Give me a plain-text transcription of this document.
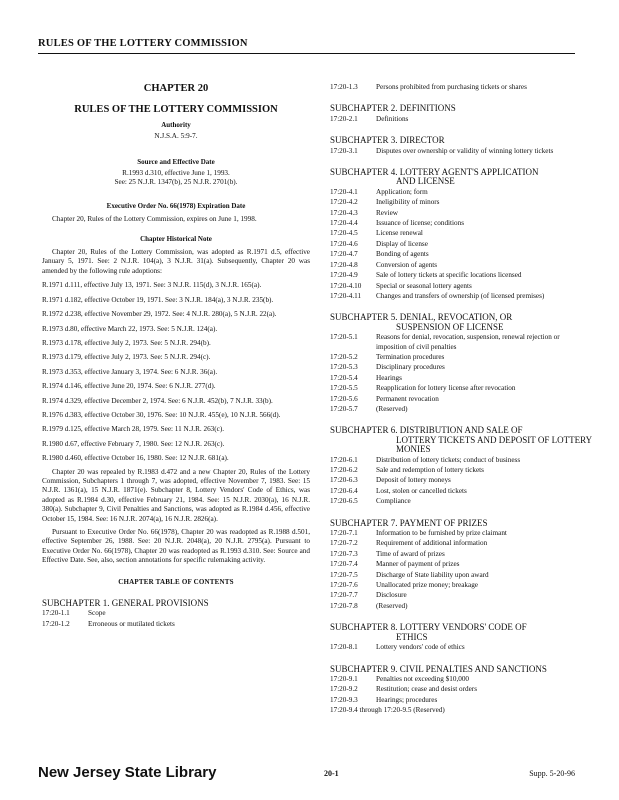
RULES OF THE LOTTERY COMMISSION

CHAPTER 20

RULES OF THE LOTTERY COMMISSION

Authority

N.J.S.A. 5:9-7.

Source and Effective Date

R.1993 d.310, effective June 1, 1993.

See: 25 N.J.R. 1347(b), 25 N.J.R. 2701(b).

Executive Order No. 66(1978) Expiration Date

Chapter 20, Rules of the Lottery Commission, expires on June 1, 1998.

Chapter Historical Note

Chapter 20, Rules of the Lottery Commission, was adopted as R.1971 d.5, effective January 5, 1971. See: 2 N.J.R. 104(a), 3 N.J.R. 31(a). Subsequently, Chapter 20 was amended by the following rule adoptions:

R.1971 d.111, effective July 13, 1971. See: 3 N.J.R. 115(d), 3 N.J.R. 165(a).

R.1971 d.182, effective October 19, 1971. See: 3 N.J.R. 184(a), 3 N.J.R. 235(b).

R.1972 d.238, effective November 29, 1972. See: 4 N.J.R. 280(a), 5 N.J.R. 22(a).

R.1973 d.80, effective March 22, 1973. See: 5 N.J.R. 124(a).

R.1973 d.178, effective July 2, 1973. See: 5 N.J.R. 294(b).

R.1973 d.179, effective July 2, 1973. See: 5 N.J.R. 294(c).

R.1973 d.353, effective January 3, 1974. See: 6 N.J.R. 36(a).

R.1974 d.146, effective June 20, 1974. See: 6 N.J.R. 277(d).

R.1974 d.329, effective December 2, 1974. See: 6 N.J.R. 452(b), 7 N.J.R. 33(b).

R.1976 d.383, effective October 30, 1976. See: 10 N.J.R. 455(e), 10 N.J.R. 566(d).

R.1979 d.125, effective March 28, 1979. See: 11 N.J.R. 263(c).

R.1980 d.67, effective February 7, 1980. See: 12 N.J.R. 263(c).

R.1980 d.460, effective October 16, 1980. See: 12 N.J.R. 681(a).

Chapter 20 was repealed by R.1983 d.472 and a new Chapter 20, Rules of the Lottery Commission, Subchapters 1 through 7, was adopted, effective November 7, 1983. See: 15 N.J.R. 1361(a), 15 N.J.R. 1871(e). Subchapter 8, Lottery Vendors' Code of Ethics, was adopted as R.1984 d.30, effective February 21, 1984. See: 15 N.J.R. 2030(a), 16 N.J.R. 380(a). Subchapter 9, Civil Penalties and Sanctions, was adopted as R.1984 d.456, effective October 15, 1984. See: 16 N.J.R. 2074(a), 16 N.J.R. 2826(a).

Pursuant to Executive Order No. 66(1978), Chapter 20 was readopted as R.1988 d.501, effective September 26, 1988. See: 20 N.J.R. 2048(a), 20 N.J.R. 2795(a). Pursuant to Executive Order No. 66(1978), Chapter 20 was readopted as R.1993 d.310. See: Source and Effective Date. See, also, section annotations for specific rulemaking activity.

CHAPTER TABLE OF CONTENTS

SUBCHAPTER 1. GENERAL PROVISIONS

17:20-1.1	Scope
17:20-1.2	Erroneous or mutilated tickets
17:20-1.3	Persons prohibited from purchasing tickets or shares

SUBCHAPTER 2. DEFINITIONS

17:20-2.1	Definitions

SUBCHAPTER 3. DIRECTOR

17:20-3.1	Disputes over ownership or validity of winning lottery tickets

SUBCHAPTER 4. LOTTERY AGENT'S APPLICATION

AND LICENSE

17:20-4.1	Application; form
17:20-4.2	Ineligibility of minors
17:20-4.3	Review
17:20-4.4	Issuance of license; conditions
17:20-4.5	License renewal
17:20-4.6	Display of license
17:20-4.7	Bonding of agents
17:20-4.8	Conversion of agents
17:20-4.9	Sale of lottery tickets at specific locations licensed
17:20-4.10	Special or seasonal lottery agents
17:20-4.11	Changes and transfers of ownership (of licensed premises)

SUBCHAPTER 5. DENIAL, REVOCATION, OR

SUSPENSION OF LICENSE

17:20-5.1	Reasons for denial, revocation, suspension, renewal rejection or imposition of civil penalties
17:20-5.2	Termination procedures
17:20-5.3	Disciplinary procedures
17:20-5.4	Hearings
17:20-5.5	Reapplication for lottery license after revocation
17:20-5.6	Permanent revocation
17:20-5.7	(Reserved)

SUBCHAPTER 6. DISTRIBUTION AND SALE OF

LOTTERY TICKETS AND DEPOSIT OF LOTTERY MONIES

17:20-6.1	Distribution of lottery tickets; conduct of business
17:20-6.2	Sale and redemption of lottery tickets
17:20-6.3	Deposit of lottery moneys
17:20-6.4	Lost, stolen or cancelled tickets
17:20-6.5	Compliance

SUBCHAPTER 7. PAYMENT OF PRIZES

17:20-7.1	Information to be furnished by prize claimant
17:20-7.2	Requirement of additional information
17:20-7.3	Time of award of prizes
17:20-7.4	Manner of payment of prizes
17:20-7.5	Discharge of State liability upon award
17:20-7.6	Unallocated prize money; breakage
17:20-7.7	Disclosure
17:20-7.8	(Reserved)

SUBCHAPTER 8. LOTTERY VENDORS' CODE OF

ETHICS

17:20-8.1	Lottery vendors' code of ethics

SUBCHAPTER 9. CIVIL PENALTIES AND SANCTIONS

17:20-9.1	Penalties not exceeding $10,000
17:20-9.2	Restitution; cease and desist orders
17:20-9.3	Hearings; procedures
17:20-9.4 through 17:20-9.5 (Reserved)
New Jersey State Library	20-1	Supp. 5-20-96
